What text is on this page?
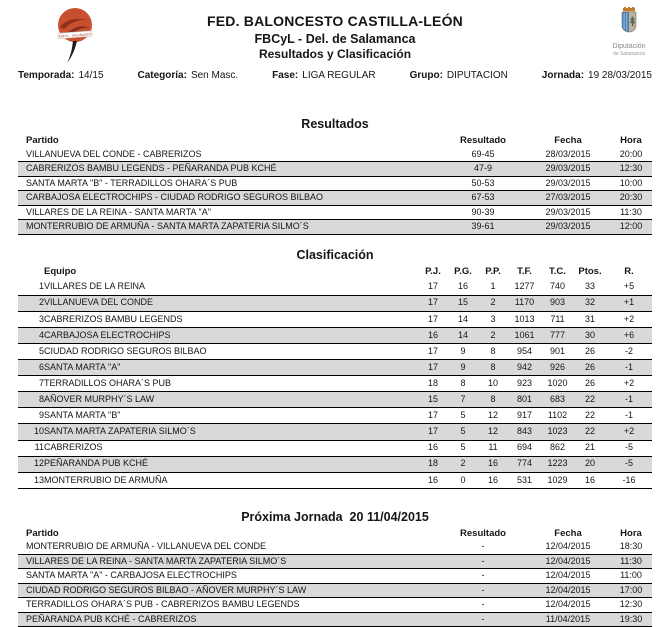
FBCYL · SALAMANCA
FED. BALONCESTO CASTILLA-LEÓN
FBCyL - Del. de Salamanca
Resultados y Clasificación
Diputación
de Salamanca
Temporada: 14/15	Categoría: Sen Masc.	Fase: LIGA REGULAR	Grupo: DIPUTACION	Jornada: 19 28/03/2015
Resultados
Partido	Resultado	Fecha	Hora
VILLANUEVA DEL CONDE - CABRERIZOS	69-45	28/03/2015	20:00
CABRERIZOS BAMBU LEGENDS - PEÑARANDA PUB KCHÉ	47-9	29/03/2015	12:30
SANTA MARTA "B" - TERRADILLOS OHARA´S PUB	50-53	29/03/2015	10:00
CARBAJOSA ELECTROCHIPS - CIUDAD RODRIGO SEGUROS BILBAO	67-53	27/03/2015	20:30
VILLARES DE LA REINA - SANTA MARTA "A"	90-39	29/03/2015	11:30
MONTERRUBIO DE ARMUÑA - SANTA MARTA ZAPATERIA SILMO´S	39-61	29/03/2015	12:00
Clasificación
	Equipo	P.J.	P.G.	P.P.	T.F.	T.C.	Ptos.	R.
1	VILLARES DE LA REINA	17	16	1	1277	740	33	+5
2	VILLANUEVA DEL CONDE	17	15	2	1170	903	32	+1
3	CABRERIZOS BAMBU LEGENDS	17	14	3	1013	711	31	+2
4	CARBAJOSA ELECTROCHIPS	16	14	2	1061	777	30	+6
5	CIUDAD RODRIGO SEGUROS BILBAO	17	9	8	954	901	26	-2
6	SANTA MARTA "A"	17	9	8	942	926	26	-1
7	TERRADILLOS OHARA´S PUB	18	8	10	923	1020	26	+2
8	AÑOVER MURPHY´S LAW	15	7	8	801	683	22	-1
9	SANTA MARTA "B"	17	5	12	917	1102	22	-1
10	SANTA MARTA ZAPATERIA SILMO´S	17	5	12	843	1023	22	+2
11	CABRERIZOS	16	5	11	694	862	21	-5
12	PEÑARANDA PUB KCHÉ	18	2	16	774	1223	20	-5
13	MONTERRUBIO DE ARMUÑA	16	0	16	531	1029	16	-16
Próxima Jornada  20 11/04/2015
Partido	Resultado	Fecha	Hora
MONTERRUBIO DE ARMUÑA - VILLANUEVA DEL CONDE	-	12/04/2015	18:30
VILLARES DE LA REINA - SANTA MARTA ZAPATERIA SILMO´S	-	12/04/2015	11:30
SANTA MARTA "A" - CARBAJOSA ELECTROCHIPS	-	12/04/2015	11:00
CIUDAD RODRIGO SEGUROS BILBAO - AÑOVER MURPHY´S LAW	-	12/04/2015	17:00
TERRADILLOS OHARA´S PUB - CABRERIZOS BAMBU LEGENDS	-	12/04/2015	12:30
PEÑARANDA PUB KCHÉ - CABRERIZOS	-	11/04/2015	19:30
